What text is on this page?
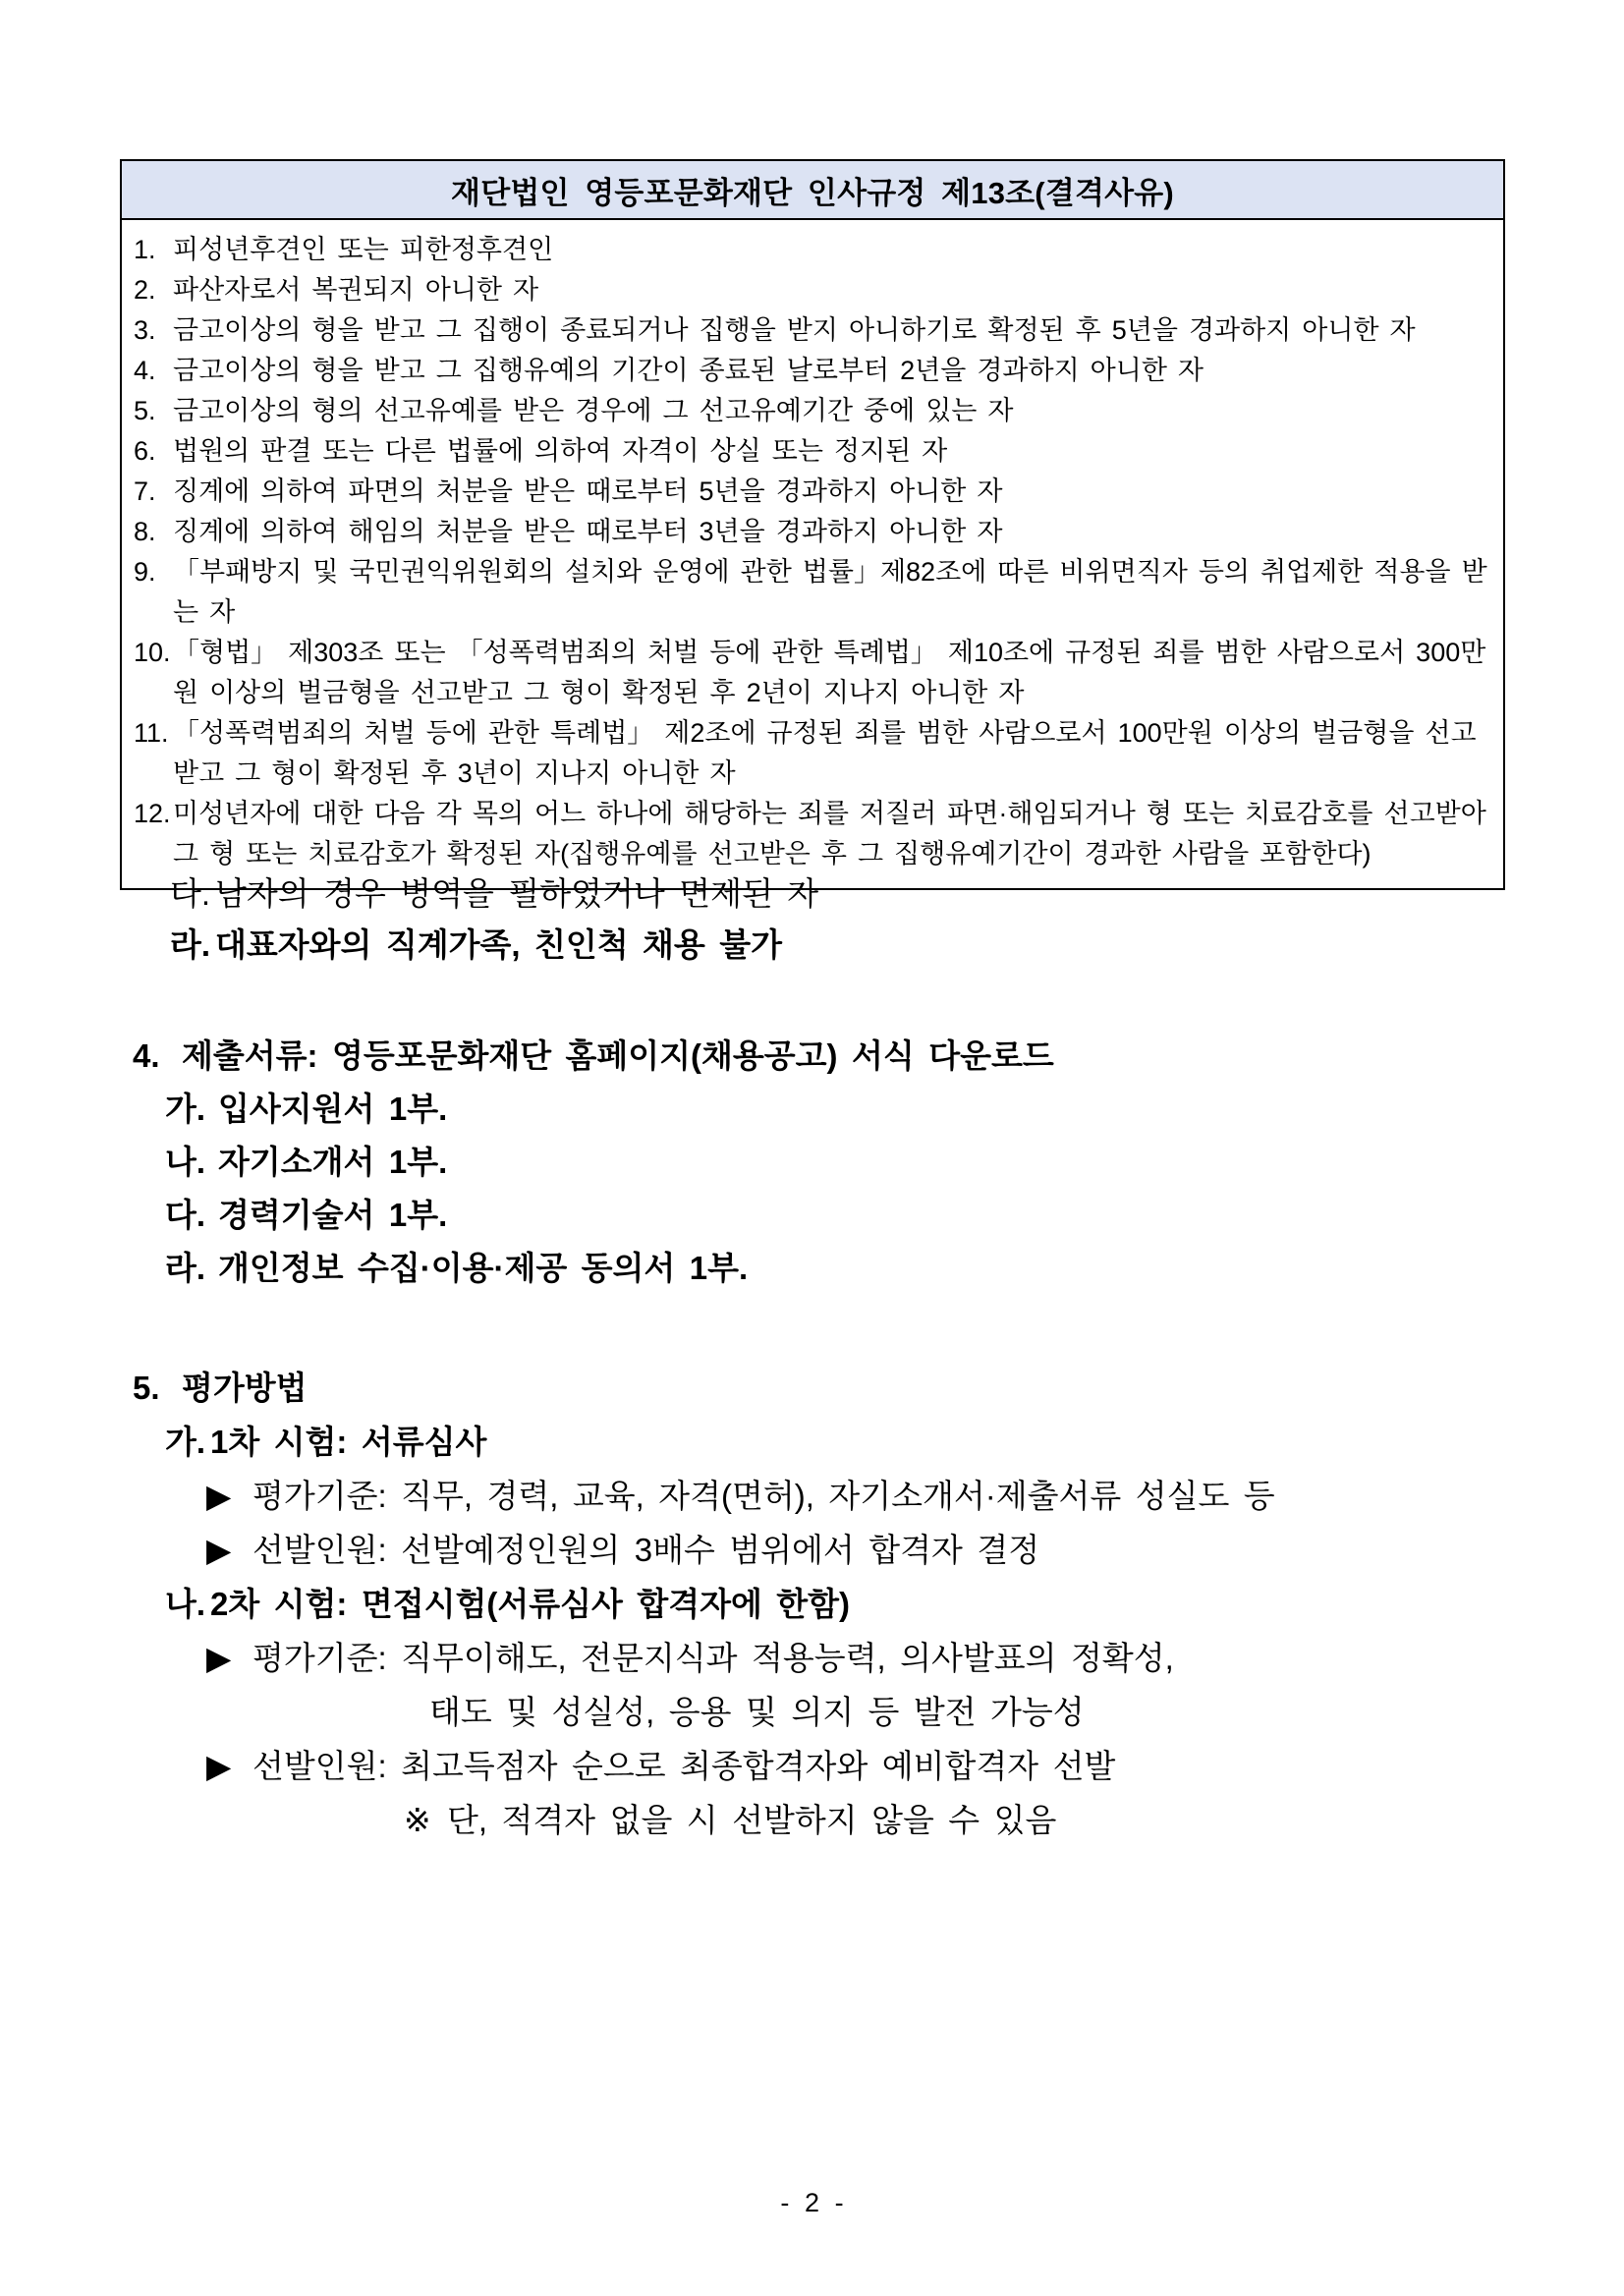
재단법인 영등포문화재단 인사규정 제13조(결격사유)
1. 피성년후견인 또는 피한정후견인
2. 파산자로서 복권되지 아니한 자
3. 금고이상의 형을 받고 그 집행이 종료되거나 집행을 받지 아니하기로 확정된 후 5년을 경과하지 아니한 자
4. 금고이상의 형을 받고 그 집행유예의 기간이 종료된 날로부터 2년을 경과하지 아니한 자
5. 금고이상의 형의 선고유예를 받은 경우에 그 선고유예기간 중에 있는 자
6. 법원의 판결 또는 다른 법률에 의하여 자격이 상실 또는 정지된 자
7. 징계에 의하여 파면의 처분을 받은 때로부터 5년을 경과하지 아니한 자
8. 징계에 의하여 해임의 처분을 받은 때로부터 3년을 경과하지 아니한 자
9. 「부패방지 및 국민권익위원회의 설치와 운영에 관한 법률」제82조에 따른 비위면직자 등의 취업제한 적용을 받는 자
10. 「형법」 제303조 또는 「성폭력범죄의 처벌 등에 관한 특례법」 제10조에 규정된 죄를 범한 사람으로서 300만원 이상의 벌금형을 선고받고 그 형이 확정된 후 2년이 지나지 아니한 자
11. 「성폭력범죄의 처벌 등에 관한 특례법」 제2조에 규정된 죄를 범한 사람으로서 100만원 이상의 벌금형을 선고받고 그 형이 확정된 후 3년이 지나지 아니한 자
12. 미성년자에 대한 다음 각 목의 어느 하나에 해당하는 죄를 저질러 파면·해임되거나 형 또는 치료감호를 선고받아 그 형 또는 치료감호가 확정된 자(집행유예를 선고받은 후 그 집행유예기간이 경과한 사람을 포함한다)
다. 남자의 경우 병역을 필하였거나 면제된 자
라. 대표자와의 직계가족, 친인척 채용 불가
4. 제출서류: 영등포문화재단 홈페이지(채용공고) 서식 다운로드
가. 입사지원서 1부.
나. 자기소개서 1부.
다. 경력기술서 1부.
라. 개인정보 수집·이용·제공 동의서 1부.
5. 평가방법
가. 1차 시험: 서류심사
▶ 평가기준: 직무, 경력, 교육, 자격(면허), 자기소개서·제출서류 성실도 등
▶ 선발인원: 선발예정인원의 3배수 범위에서 합격자 결정
나. 2차 시험: 면접시험(서류심사 합격자에 한함)
▶ 평가기준: 직무이해도, 전문지식과 적용능력, 의사발표의 정확성,
태도 및 성실성, 응용 및 의지 등 발전 가능성
▶ 선발인원: 최고득점자 순으로 최종합격자와 예비합격자 선발
※ 단, 적격자 없을 시 선발하지 않을 수 있음
- 2 -
